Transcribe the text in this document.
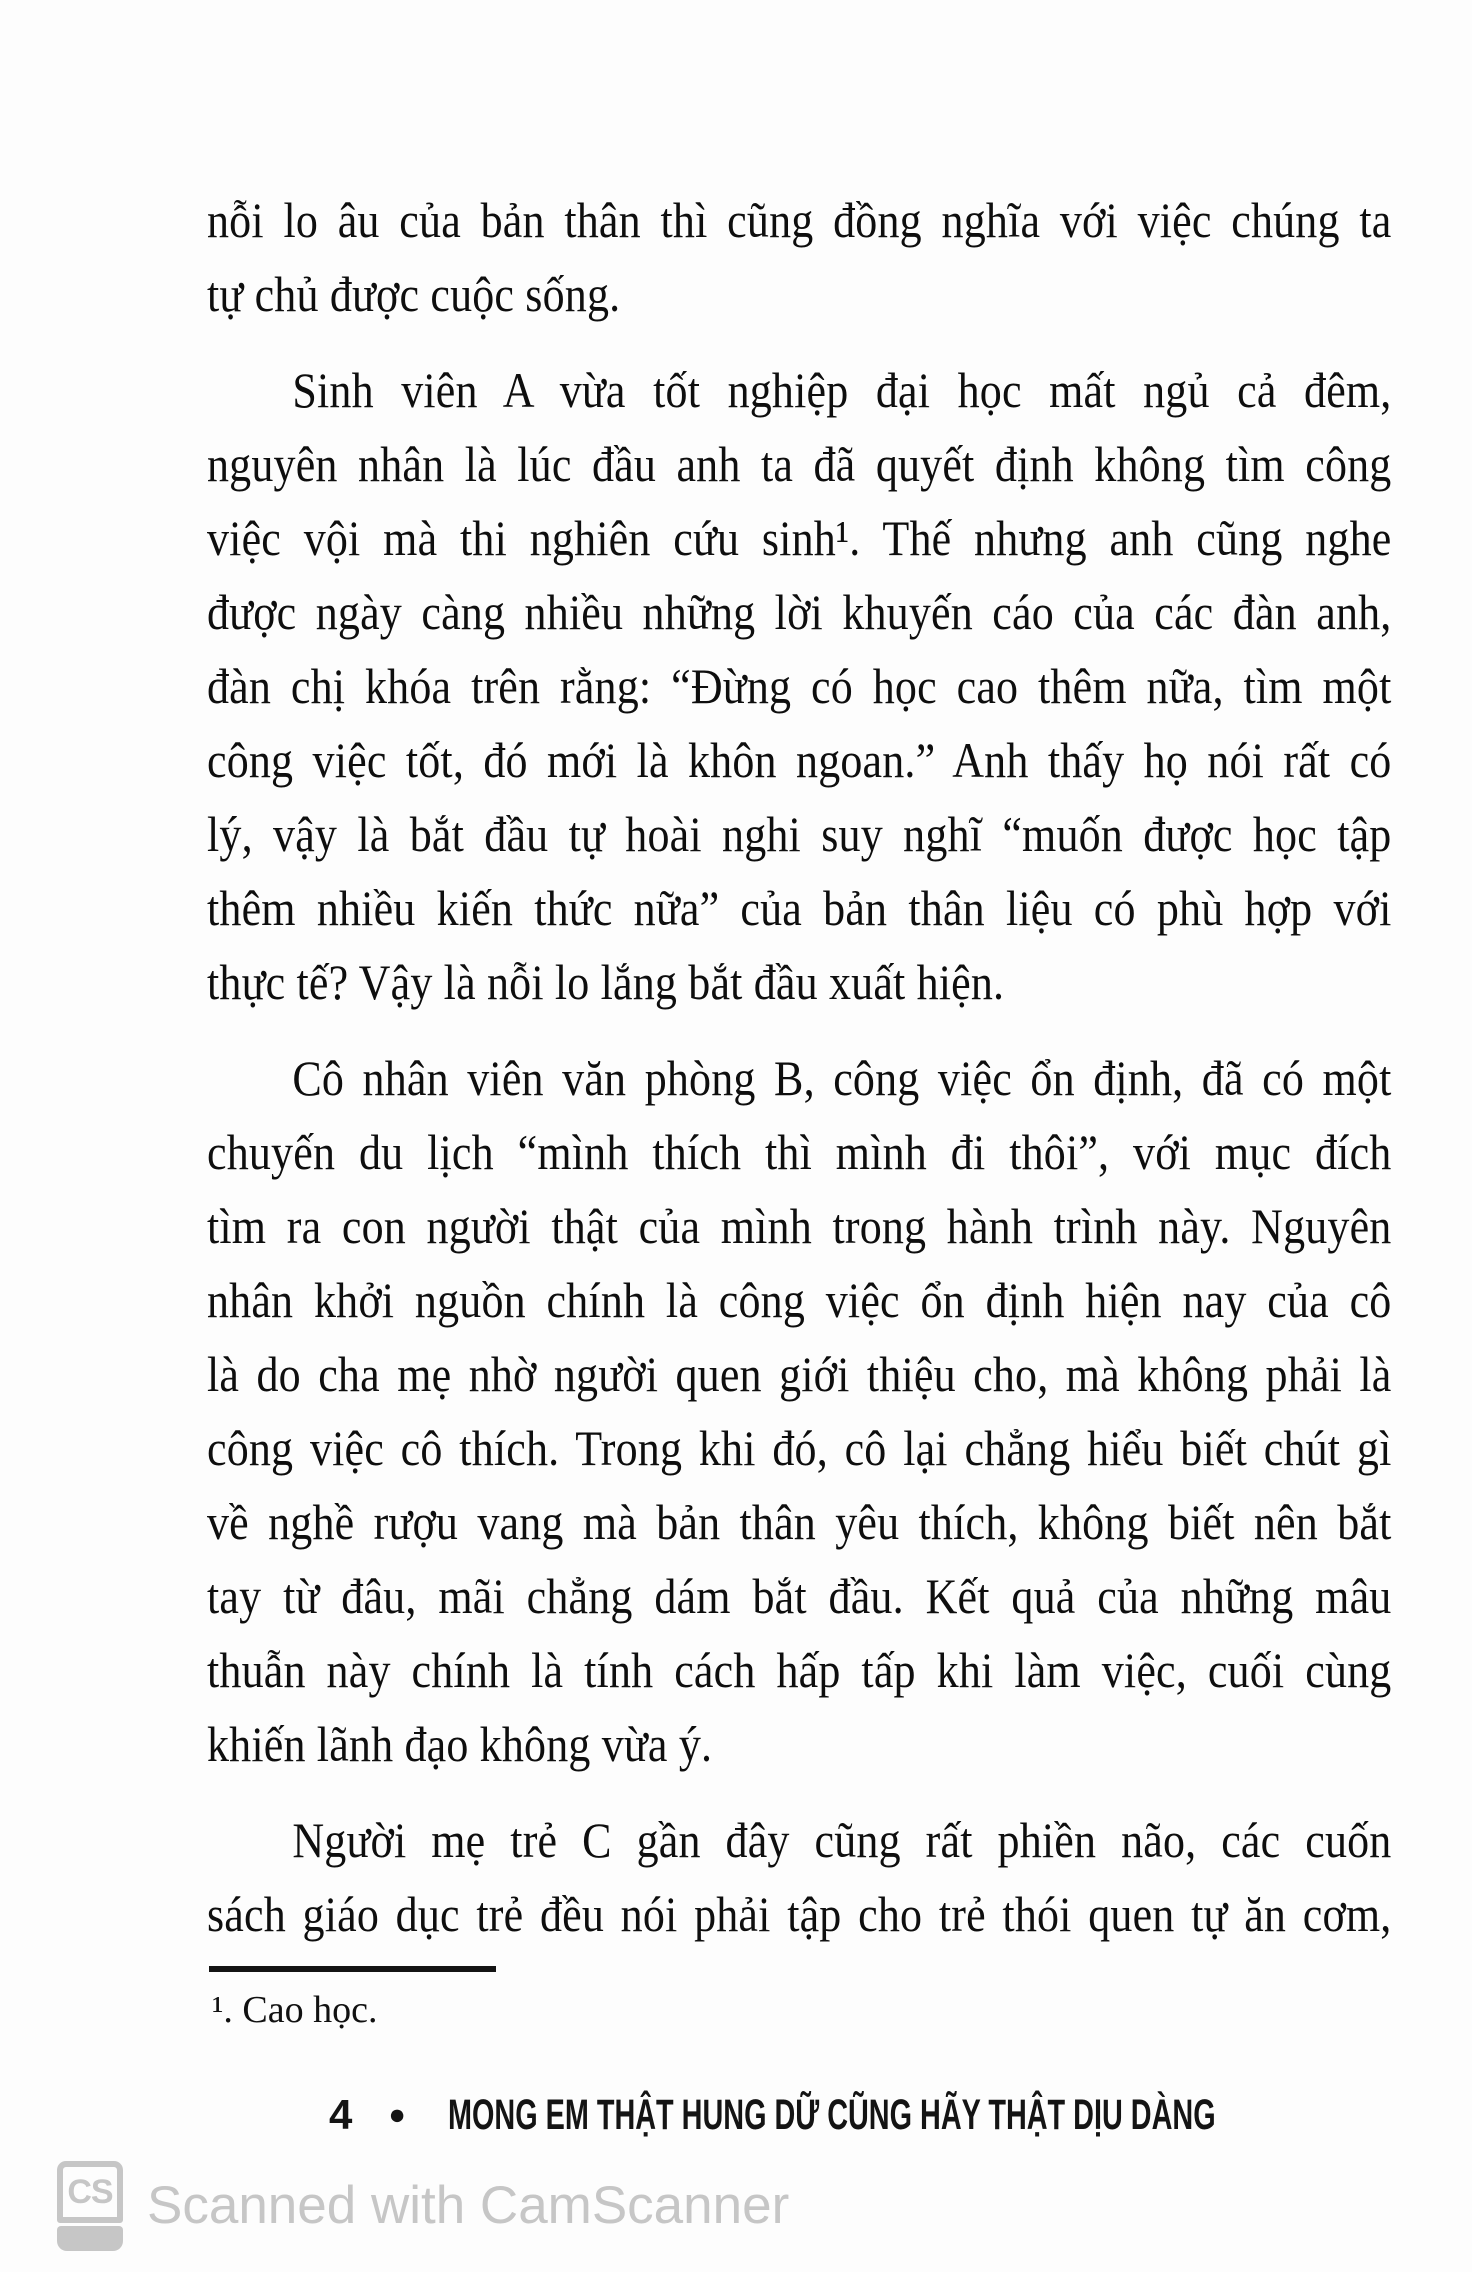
nỗi lo âu của bản thân thì cũng đồng nghĩa với việc chúng ta
tự chủ được cuộc sống.
Sinh viên A vừa tốt nghiệp đại học mất ngủ cả đêm,
nguyên nhân là lúc đầu anh ta đã quyết định không tìm công
việc vội mà thi nghiên cứu sinh¹. Thế nhưng anh cũng nghe
được ngày càng nhiều những lời khuyến cáo của các đàn anh,
đàn chị khóa trên rằng: “Đừng có học cao thêm nữa, tìm một
công việc tốt, đó mới là khôn ngoan.” Anh thấy họ nói rất có
lý, vậy là bắt đầu tự hoài nghi suy nghĩ “muốn được học tập
thêm nhiều kiến thức nữa” của bản thân liệu có phù hợp với
thực tế? Vậy là nỗi lo lắng bắt đầu xuất hiện.
Cô nhân viên văn phòng B, công việc ổn định, đã có một
chuyến du lịch “mình thích thì mình đi thôi”, với mục đích
tìm ra con người thật của mình trong hành trình này. Nguyên
nhân khởi nguồn chính là công việc ổn định hiện nay của cô
là do cha mẹ nhờ người quen giới thiệu cho, mà không phải là
công việc cô thích. Trong khi đó, cô lại chẳng hiểu biết chút gì
về nghề rượu vang mà bản thân yêu thích, không biết nên bắt
tay từ đâu, mãi chẳng dám bắt đầu. Kết quả của những mâu
thuẫn này chính là tính cách hấp tấp khi làm việc, cuối cùng
khiến lãnh đạo không vừa ý.
Người mẹ trẻ C gần đây cũng rất phiền não, các cuốn
sách giáo dục trẻ đều nói phải tập cho trẻ thói quen tự ăn cơm,
¹. Cao học.
4 ● MONG EM THẬT HUNG DỮ CŨNG HÃY THẬT DỊU DÀNG
CS Scanned with CamScanner
